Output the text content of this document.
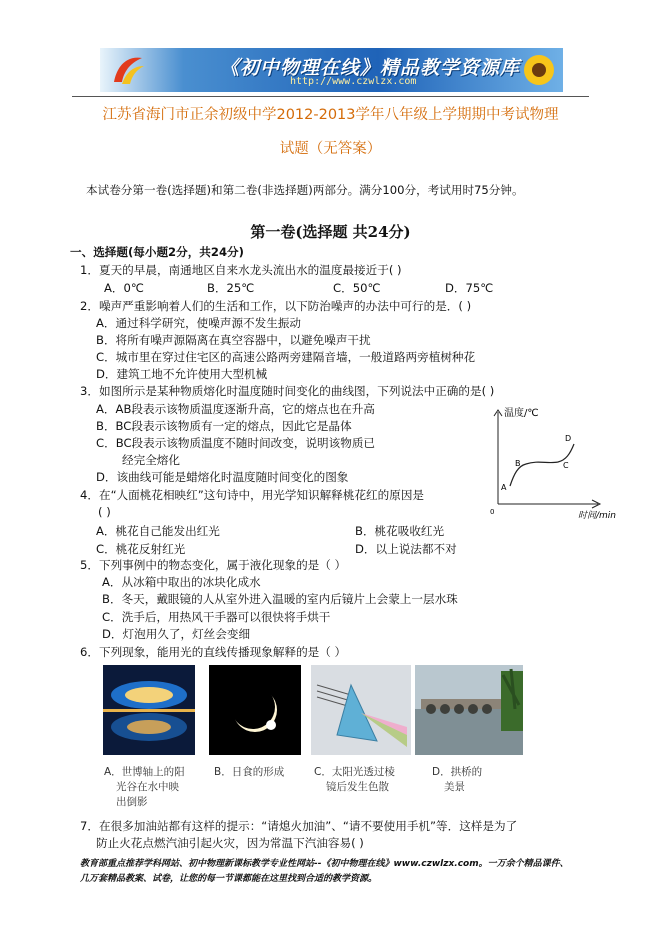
《初中物理在线》精品教学资源库
http://www.czwlzx.com
江苏省海门市正余初级中学2012-2013学年八年级上学期期中考试物理
试题（无答案）
本试卷分第一卷(选择题)和第二卷(非选择题)两部分。满分100分，考试用时75分钟。
第一卷(选择题 共24分)
一、选择题(每小题2分，共24分)
1．夏天的早晨，南通地区自来水龙头流出水的温度最接近于( )
A．0℃	B．25℃	C．50℃	D．75℃
2．噪声严重影响着人们的生活和工作，以下防治噪声的办法中可行的是．( )
A．通过科学研究，使噪声源不发生振动
B．将所有噪声源隔离在真空容器中，以避免噪声干扰
C．城市里在穿过住宅区的高速公路两旁建隔音墙，一般道路两旁植树种花
D．建筑工地不允许使用大型机械
3．如图所示是某种物质熔化时温度随时间变化的曲线图，下列说法中正确的是( )
A．AB段表示该物质温度逐渐升高，它的熔点也在升高
B．BC段表示该物质有一定的熔点，因此它是晶体
C．BC段表示该物质温度不随时间改变，说明该物质已
经完全熔化
D．该曲线可能是蜡熔化时温度随时间变化的图象
温度/℃
时间/min
0
A
B	C
D
4．在“人面桃花相映红”这句诗中，用光学知识解释桃花红的原因是
( )
A．桃花自己能发出红光	B．桃花吸收红光
C．桃花反射红光	D．以上说法都不对
5．下列事例中的物态变化，属于液化现象的是（ ）
A．从冰箱中取出的冰块化成水
B．冬天，戴眼镜的人从室外进入温暖的室内后镜片上会蒙上一层水珠
C．洗手后，用热风干手器可以很快将手烘干
D．灯泡用久了，灯丝会变细
6．下列现象，能用光的直线传播现象解释的是（ ）
A．世博轴上的阳
光谷在水中映
出倒影
B．日食的形成	C．太阳光透过棱
镜后发生色散
D．拱桥的
美景
7．在很多加油站都有这样的提示：“请熄火加油”、“请不要使用手机”等．这样是为了
防止火花点燃汽油引起火灾，因为常温下汽油容易( )
教育部重点推荐学科网站、初中物理新课标教学专业性网站--《初中物理在线》www.czwlzx.com。一万余个精品课件、
几万套精品教案、试卷，让您的每一节课都能在这里找到合适的教学资源。
